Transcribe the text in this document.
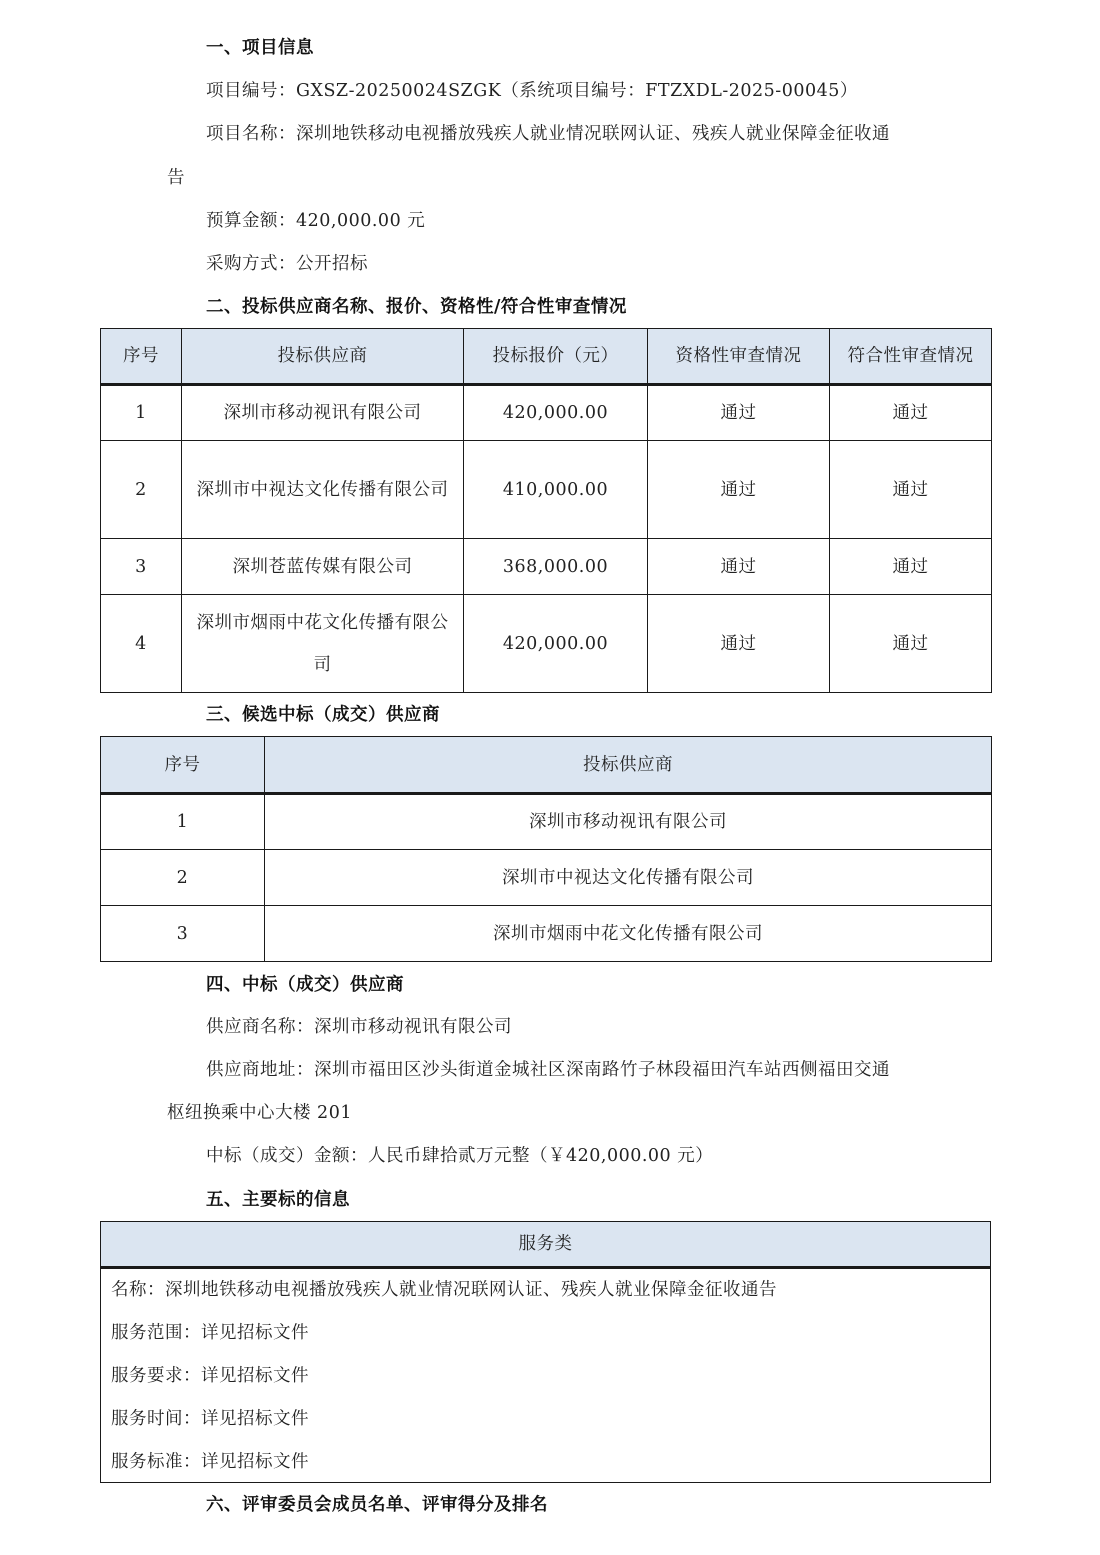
一、项目信息
项目编号：GXSZ-20250024SZGK（系统项目编号：FTZXDL-2025-00045）
项目名称：深圳地铁移动电视播放残疾人就业情况联网认证、残疾人就业保障金征收通
告
预算金额：420,000.00 元
采购方式：公开招标
二、投标供应商名称、报价、资格性/符合性审查情况
序号	投标供应商	投标报价（元）	资格性审查情况	符合性审查情况
1	深圳市移动视讯有限公司	420,000.00	通过	通过
2	深圳市中视达文化传播有限公司	410,000.00	通过	通过
3	深圳苍蓝传媒有限公司	368,000.00	通过	通过
4	深圳市烟雨中花文化传播有限公司	420,000.00	通过	通过
三、候选中标（成交）供应商
序号	投标供应商
1	深圳市移动视讯有限公司
2	深圳市中视达文化传播有限公司
3	深圳市烟雨中花文化传播有限公司
四、中标（成交）供应商
供应商名称：深圳市移动视讯有限公司
供应商地址：深圳市福田区沙头街道金城社区深南路竹子林段福田汽车站西侧福田交通
枢纽换乘中心大楼 201
中标（成交）金额：人民币肆拾贰万元整（￥420,000.00 元）
五、主要标的信息
服务类
名称：深圳地铁移动电视播放残疾人就业情况联网认证、残疾人就业保障金征收通告
服务范围：详见招标文件
服务要求：详见招标文件
服务时间：详见招标文件
服务标准：详见招标文件
六、评审委员会成员名单、评审得分及排名
